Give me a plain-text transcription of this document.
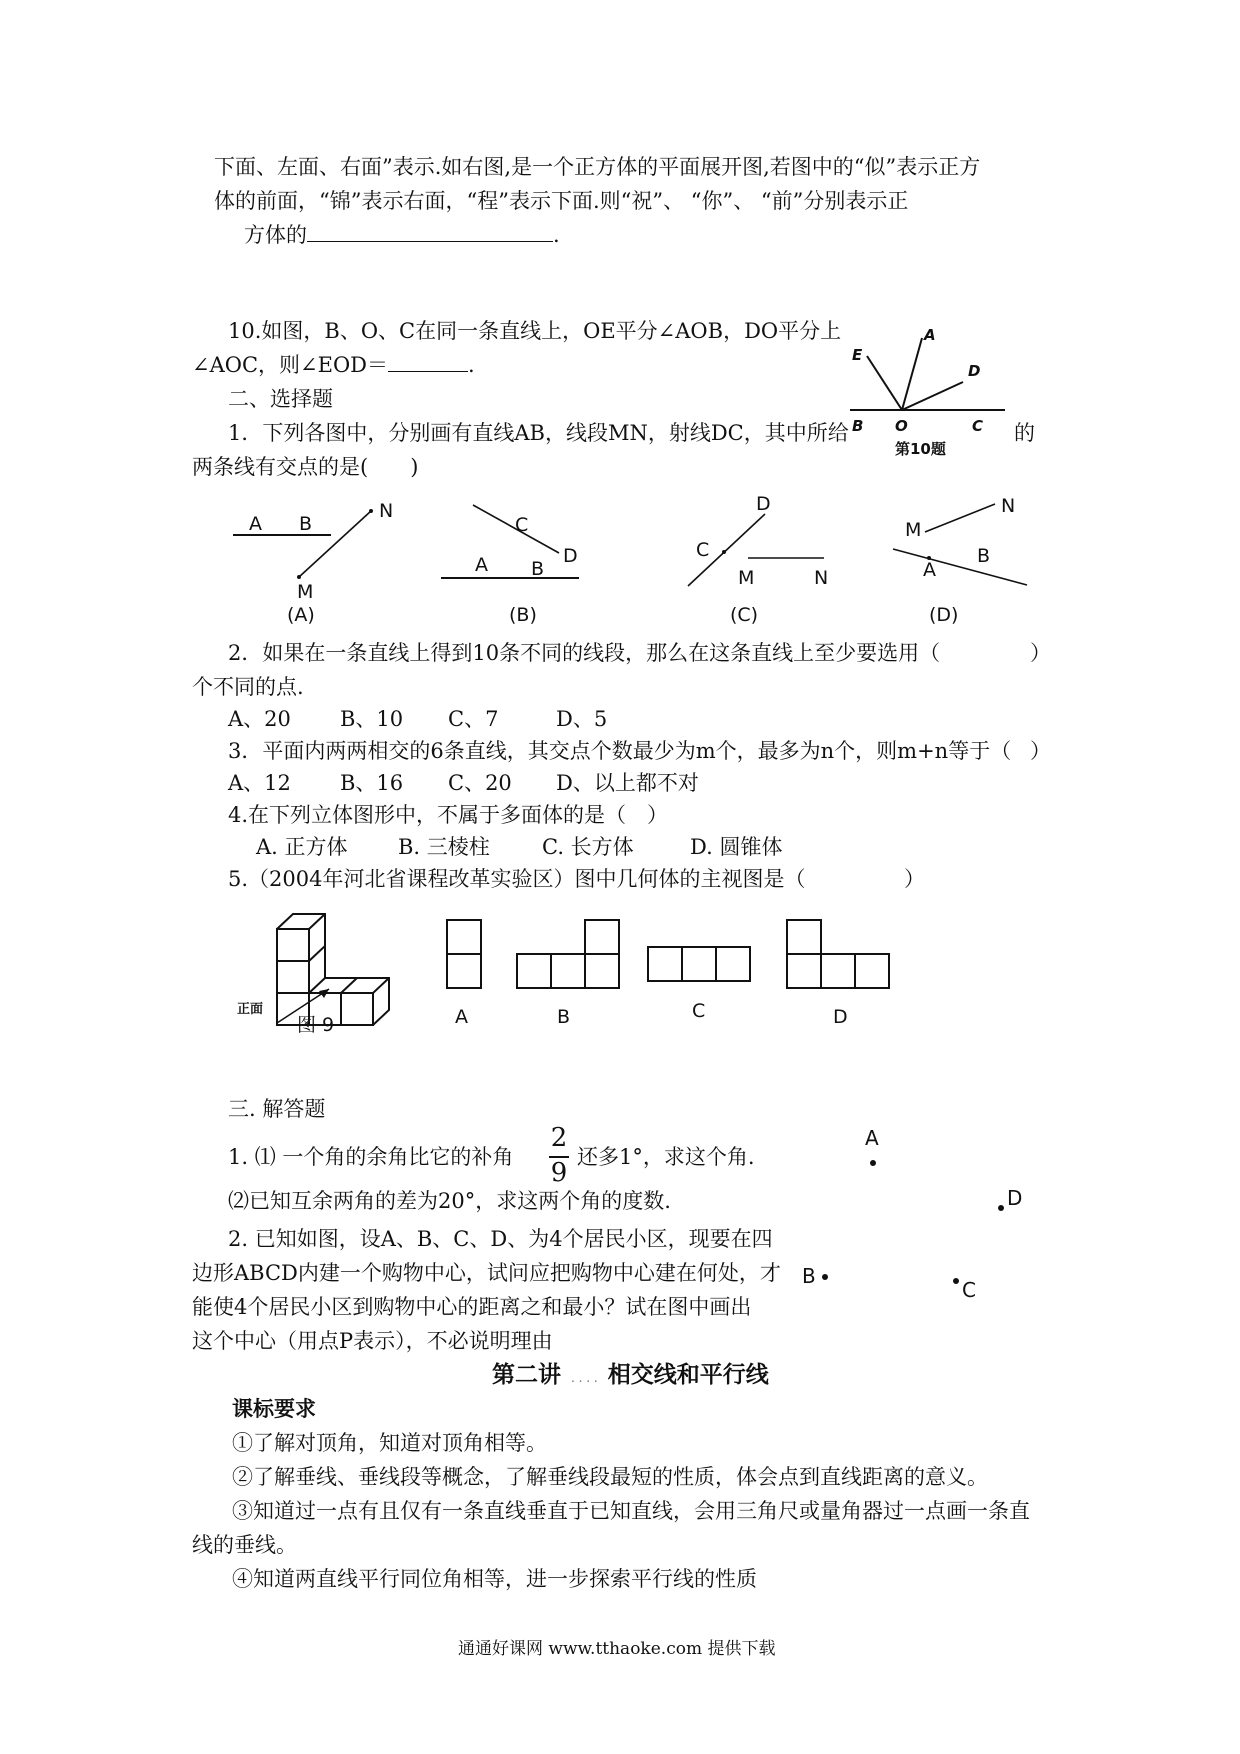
下面、左面、右面”表示.如右图,是一个正方体的平面展开图,若图中的“似”表示正方
体的前面，“锦”表示右面，“程”表示下面.则“祝”、 “你”、 “前”分别表示正
方体的	.
10.如图，B、O、C在同一条直线上，OE平分∠AOB，DO平分上
∠AOC，则∠EOD＝	.
A
E
D
B O	C
第10题
二、选择题
1．下列各图中，分别画有直线AB，线段MN，射线DC，其中所给	的
两条线有交点的是(　　)
A B
N
M
(A)
A B
C
D
(B)
C
D
M	N
(C)
M
N
A
B
(D)
2．如果在一条直线上得到10条不同的线段，那么在这条直线上至少要选用（	）
个不同的点.
A、20 B、10 C、7	D、5
3．平面内两两相交的6条直线，其交点个数最少为m个，最多为n个，则m+n等于（ ）
A、12 B、16 C、20 D、以上都不对
4.在下列立体图形中，不属于多面体的是（　）
A. 正方体 B. 三棱柱 C. 长方体	D. 圆锥体
5.（2004年河北省课程改革实验区）图中几何体的主视图是（	）
正面
图 9	A	B	C	D
三. 解答题
1. ⑴ 一个角的余角比它的补角
2
9
还多1°，求这个角.
⑵已知互余两角的差为20°，求这两个角的度数.
2. 已知如图，设A、B、C、D、为4个居民小区，现要在四
边形ABCD内建一个购物中心，试问应把购物中心建在何处，才
能使4个居民小区到购物中心的距离之和最小？试在图中画出
这个中心（用点P表示），不必说明理由
A
D
B
C
第二讲 . . . . 相交线和平行线
课标要求
①了解对顶角，知道对顶角相等。
②了解垂线、垂线段等概念，了解垂线段最短的性质，体会点到直线距离的意义。
③知道过一点有且仅有一条直线垂直于已知直线，会用三角尺或量角器过一点画一条直
线的垂线。
④知道两直线平行同位角相等，进一步探索平行线的性质
通通好课网 www.tthaoke.com 提供下载
